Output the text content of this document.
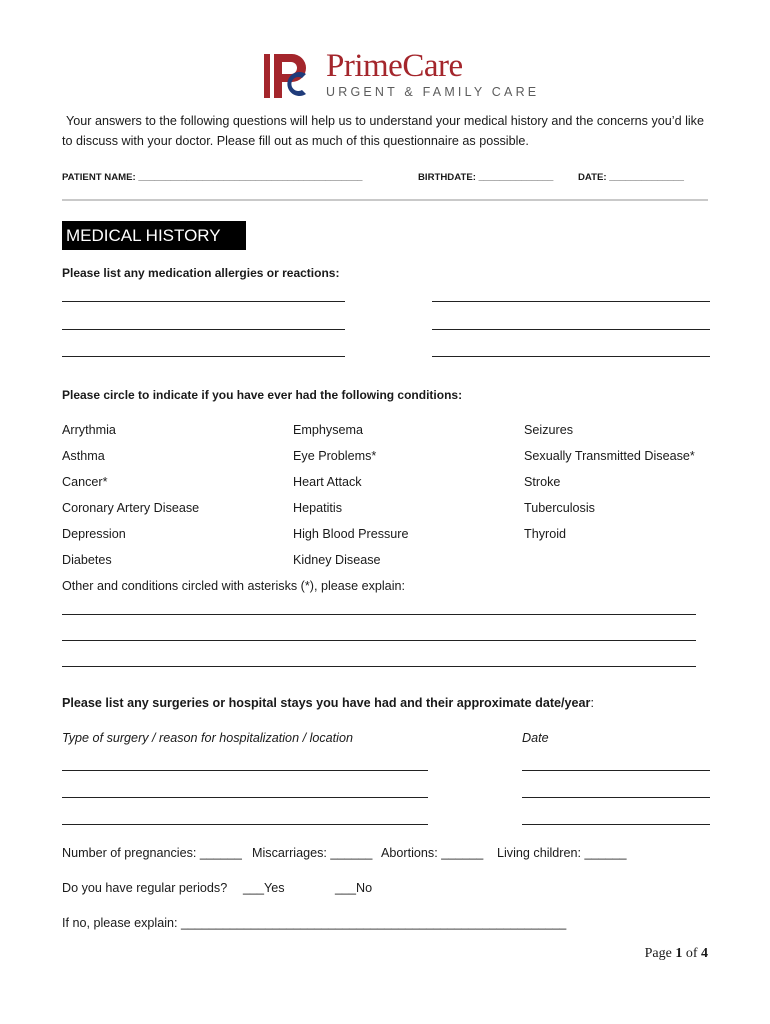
PrimeCare
URGENT & FAMILY CARE
Your answers to the following questions will help us to understand your medical history and the concerns you’d like to discuss with your doctor. Please fill out as much of this questionnaire as possible.
PATIENT NAME: __________________________________________	BIRTHDATE: ______________	DATE: ______________
MEDICAL HISTORY
Please list any medication allergies or reactions:
Please circle to indicate if you have ever had the following conditions:
Arrythmia	Emphysema	Seizures
Asthma	Eye Problems*	Sexually Transmitted Disease*
Cancer*	Heart Attack	Stroke
Coronary Artery Disease	Hepatitis	Tuberculosis
Depression	High Blood Pressure	Thyroid
Diabetes	Kidney Disease
Other and conditions circled with asterisks (*), please explain:
Please list any surgeries or hospital stays you have had and their approximate date/year:
Type of surgery / reason for hospitalization / location	Date
Number of pregnancies: ______ Miscarriages: ______ Abortions: ______ Living children: ______
Do you have regular periods? ___Yes	___No
If no, please explain: _______________________________________________________
Page 1 of 4
